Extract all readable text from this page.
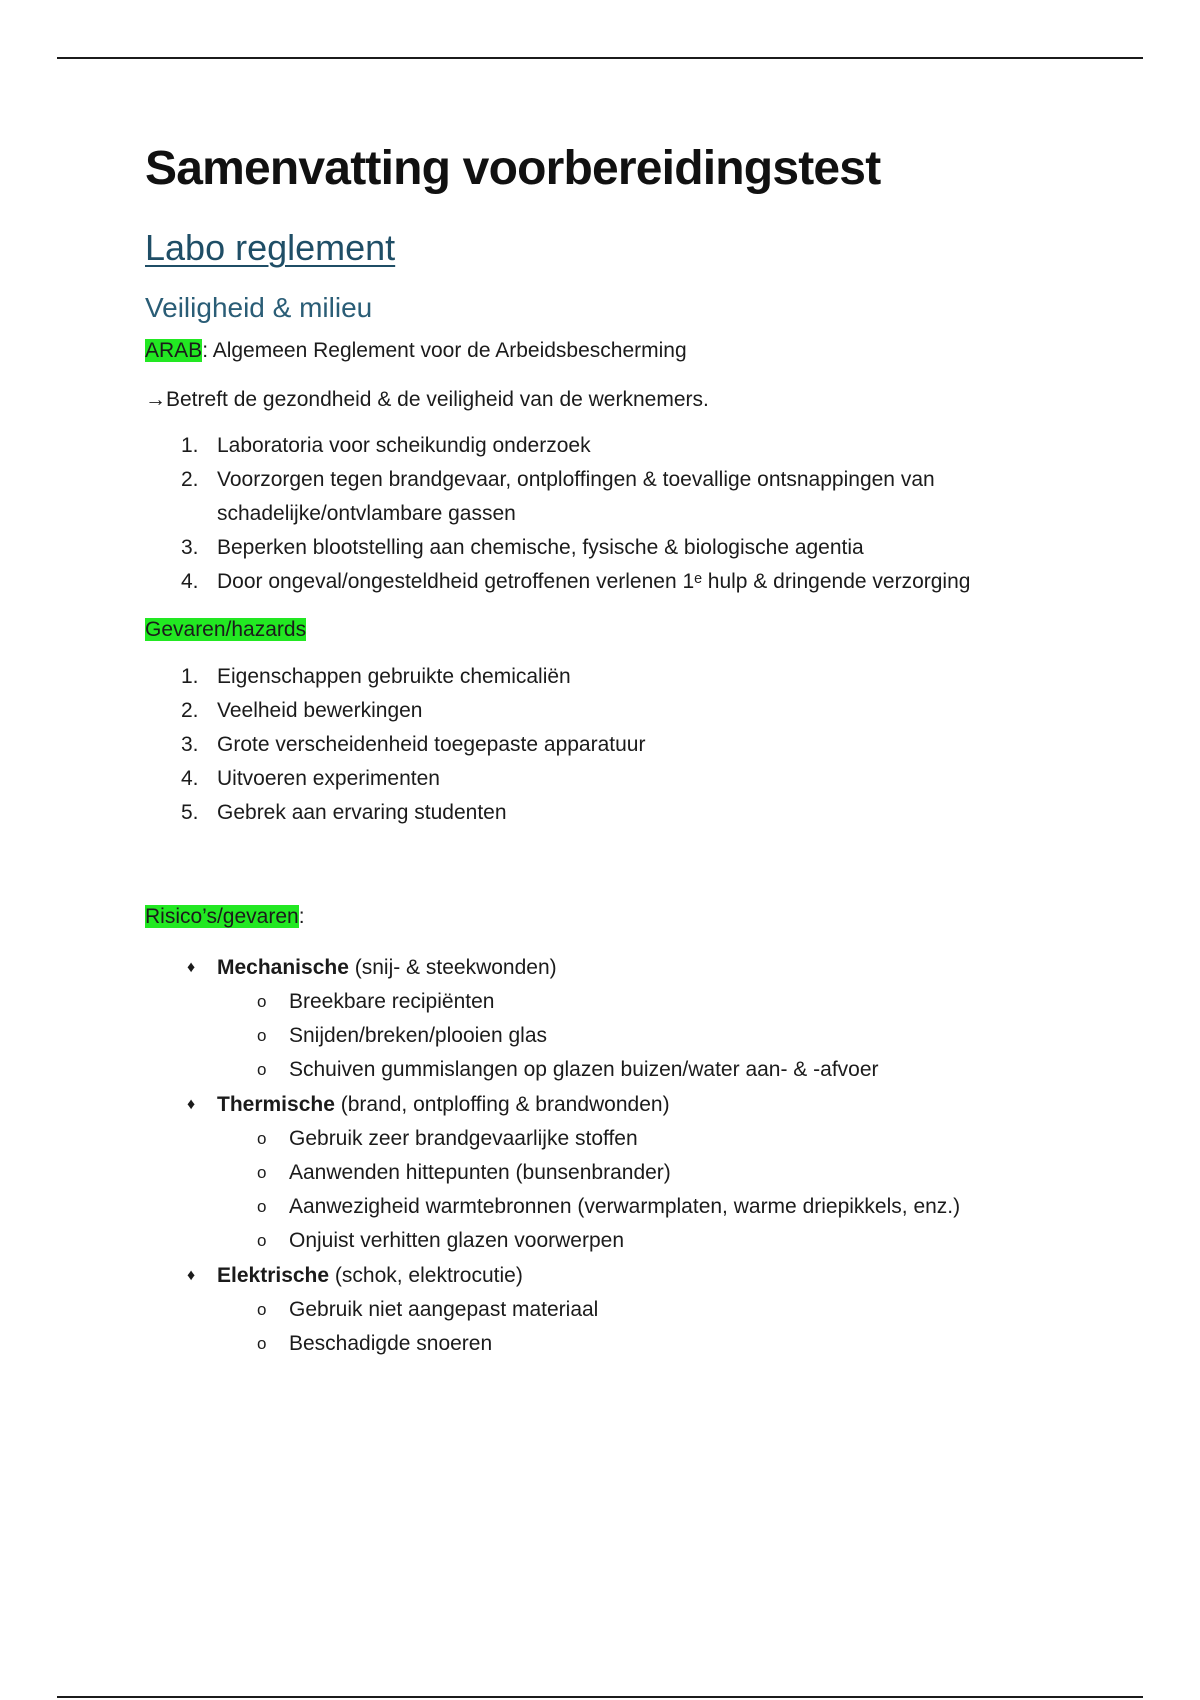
Samenvatting voorbereidingstest
Labo reglement
Veiligheid & milieu

ARAB: Algemeen Reglement voor de Arbeidsbescherming

→Betreft de gezondheid & de veiligheid van de werknemers.

1. Laboratoria voor scheikundig onderzoek
2. Voorzorgen tegen brandgevaar, ontploffingen & toevallige ontsnappingen van schadelijke/ontvlambare gassen
3. Beperken blootstelling aan chemische, fysische & biologische agentia
4. Door ongeval/ongesteldheid getroffenen verlenen 1ᵉ hulp & dringende verzorging

Gevaren/hazards

1. Eigenschappen gebruikte chemicaliën
2. Veelheid bewerkingen
3. Grote verscheidenheid toegepaste apparatuur
4. Uitvoeren experimenten
5. Gebrek aan ervaring studenten

Risico’s/gevaren:

♦ Mechanische (snij- & steekwonden)
o Breekbare recipiënten
o Snijden/breken/plooien glas
o Schuiven gummislangen op glazen buizen/water aan- & -afvoer
♦ Thermische (brand, ontploffing & brandwonden)
o Gebruik zeer brandgevaarlijke stoffen
o Aanwenden hittepunten (bunsenbrander)
o Aanwezigheid warmtebronnen (verwarmplaten, warme driepikkels, enz.)
o Onjuist verhitten glazen voorwerpen
♦ Elektrische (schok, elektrocutie)
o Gebruik niet aangepast materiaal
o Beschadigde snoeren
